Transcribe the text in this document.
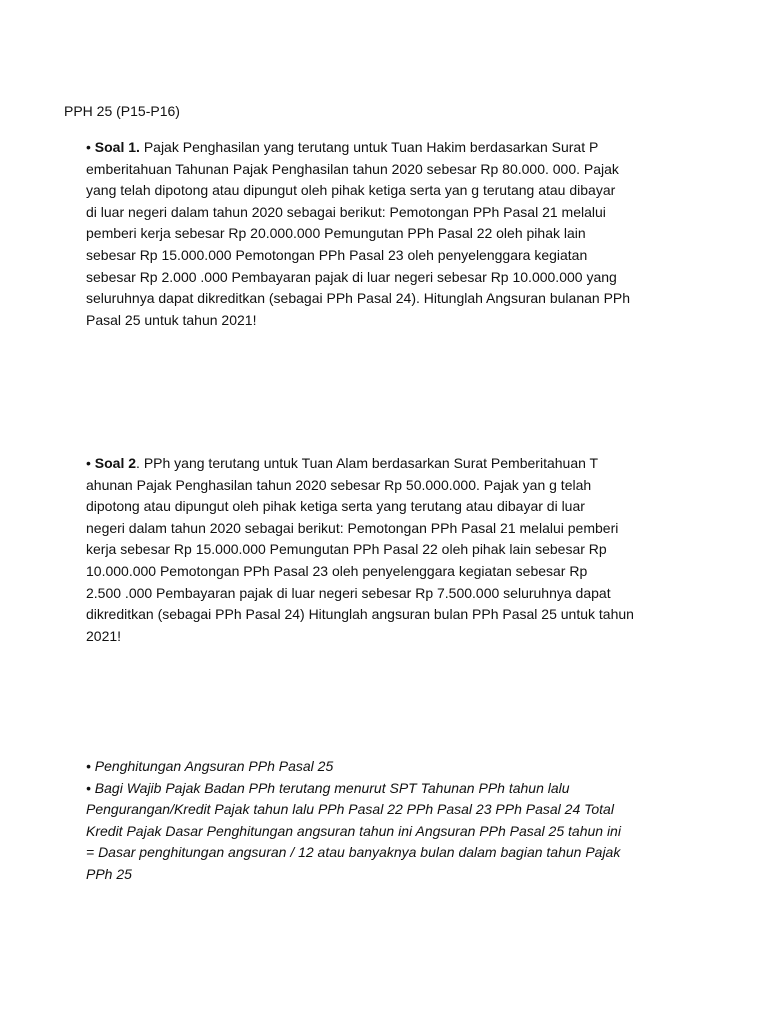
PPH 25 (P15-P16)
• Soal 1. Pajak Penghasilan yang terutang untuk Tuan Hakim berdasarkan Surat P
emberitahuan Tahunan Pajak Penghasilan tahun 2020 sebesar Rp 80.000. 000. Pajak
yang telah dipotong atau dipungut oleh pihak ketiga serta yan g terutang atau dibayar
di luar negeri dalam tahun 2020 sebagai berikut: Pemotongan PPh Pasal 21 melalui
pemberi kerja sebesar Rp 20.000.000 Pemungutan PPh Pasal 22 oleh pihak lain
sebesar Rp 15.000.000 Pemotongan PPh Pasal 23 oleh penyelenggara kegiatan
sebesar Rp 2.000 .000 Pembayaran pajak di luar negeri sebesar Rp 10.000.000 yang
seluruhnya dapat dikreditkan (sebagai PPh Pasal 24). Hitunglah Angsuran bulanan PPh
Pasal 25 untuk tahun 2021!
• Soal 2. PPh yang terutang untuk Tuan Alam berdasarkan Surat Pemberitahuan T
ahunan Pajak Penghasilan tahun 2020 sebesar Rp 50.000.000. Pajak yan g telah
dipotong atau dipungut oleh pihak ketiga serta yang terutang atau dibayar di luar
negeri dalam tahun 2020 sebagai berikut: Pemotongan PPh Pasal 21 melalui pemberi
kerja sebesar Rp 15.000.000 Pemungutan PPh Pasal 22 oleh pihak lain sebesar Rp
10.000.000 Pemotongan PPh Pasal 23 oleh penyelenggara kegiatan sebesar Rp
2.500 .000 Pembayaran pajak di luar negeri sebesar Rp 7.500.000 seluruhnya dapat
dikreditkan (sebagai PPh Pasal 24) Hitunglah angsuran bulan PPh Pasal 25 untuk tahun
2021!
• Penghitungan Angsuran PPh Pasal 25
• Bagi Wajib Pajak Badan PPh terutang menurut SPT Tahunan PPh tahun lalu
Pengurangan/Kredit Pajak tahun lalu PPh Pasal 22 PPh Pasal 23 PPh Pasal 24 Total
Kredit Pajak Dasar Penghitungan angsuran tahun ini Angsuran PPh Pasal 25 tahun ini
= Dasar penghitungan angsuran / 12 atau banyaknya bulan dalam bagian tahun Pajak
PPh 25
